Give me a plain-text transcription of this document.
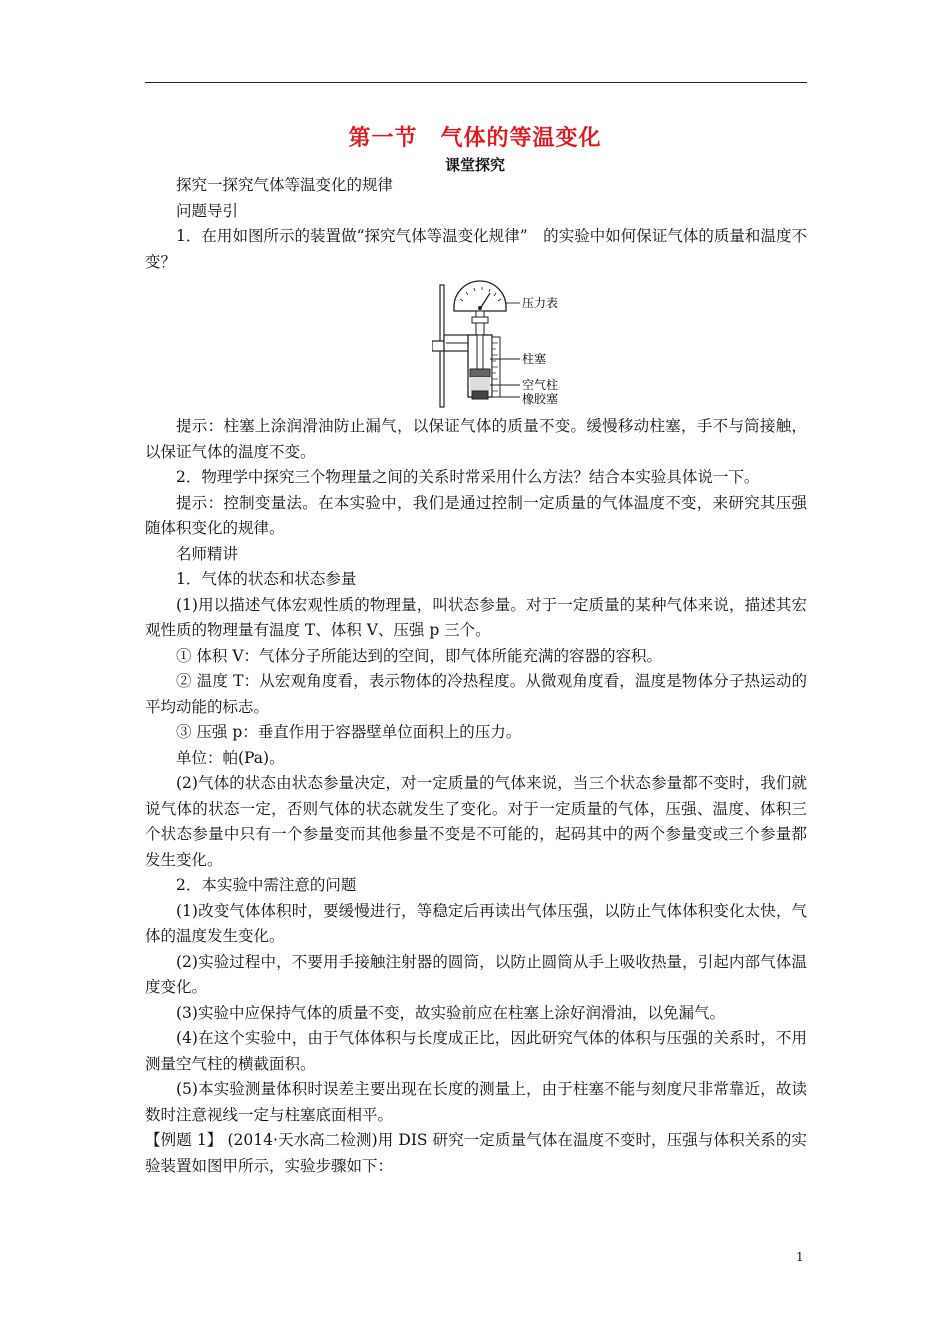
第一节　气体的等温变化
课堂探究

探究一探究气体等温变化的规律

问题导引

1．在用如图所示的装置做“探究气体等温变化规律”　的实验中如何保证气体的质量和温度不变？

压力表
柱塞
空气柱
橡胶塞

提示：柱塞上涂润滑油防止漏气，以保证气体的质量不变。缓慢移动柱塞，手不与筒接触，以保证气体的温度不变。

2．物理学中探究三个物理量之间的关系时常采用什么方法？结合本实验具体说一下。

提示：控制变量法。在本实验中，我们是通过控制一定质量的气体温度不变，来研究其压强随体积变化的规律。

名师精讲

1．气体的状态和状态参量

(1)用以描述气体宏观性质的物理量，叫状态参量。对于一定质量的某种气体来说，描述其宏观性质的物理量有温度 T、体积 V、压强 p 三个。

① 体积 V：气体分子所能达到的空间，即气体所能充满的容器的容积。

② 温度 T：从宏观角度看，表示物体的冷热程度。从微观角度看，温度是物体分子热运动的平均动能的标志。

③ 压强 p：垂直作用于容器壁单位面积上的压力。

单位：帕(Pa)。

(2)气体的状态由状态参量决定，对一定质量的气体来说，当三个状态参量都不变时，我们就说气体的状态一定，否则气体的状态就发生了变化。对于一定质量的气体，压强、温度、体积三个状态参量中只有一个参量变而其他参量不变是不可能的，起码其中的两个参量变或三个参量都发生变化。

2．本实验中需注意的问题

(1)改变气体体积时，要缓慢进行，等稳定后再读出气体压强，以防止气体体积变化太快，气体的温度发生变化。

(2)实验过程中，不要用手接触注射器的圆筒，以防止圆筒从手上吸收热量，引起内部气体温度变化。

(3)实验中应保持气体的质量不变，故实验前应在柱塞上涂好润滑油，以免漏气。

(4)在这个实验中，由于气体体积与长度成正比，因此研究气体的体积与压强的关系时，不用测量空气柱的横截面积。

(5)本实验测量体积时误差主要出现在长度的测量上，由于柱塞不能与刻度尺非常靠近，故读数时注意视线一定与柱塞底面相平。

【例题 1】 (2014·天水高二检测)用 DIS 研究一定质量气体在温度不变时，压强与体积关系的实验装置如图甲所示，实验步骤如下：

1
